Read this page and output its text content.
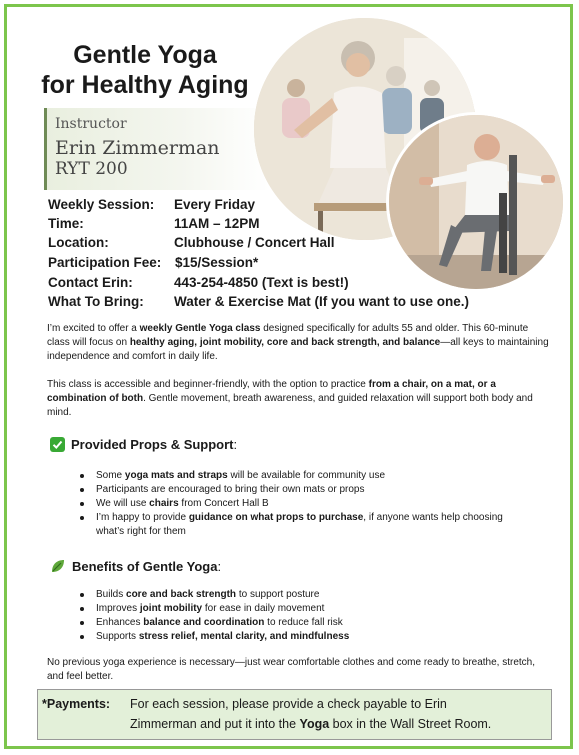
Gentle Yoga
for Healthy Aging
Instructor
Erin Zimmerman
RYT 200
Weekly Session: Every Friday
Time:	11AM – 12PM
Location:	Clubhouse / Concert Hall
Participation Fee: $15/Session*
Contact Erin:	443-254-4850 (Text is best!)
What To Bring: Water & Exercise Mat (If you want to use one.)
I’m excited to offer a weekly Gentle Yoga class designed specifically for adults 55 and older. This 60-minute class will focus on healthy aging, joint mobility, core and back strength, and balance—all keys to maintaining independence and comfort in daily life.
This class is accessible and beginner-friendly, with the option to practice from a chair, on a mat, or a combination of both. Gentle movement, breath awareness, and guided relaxation will support both body and mind.
Provided Props & Support:
Some yoga mats and straps will be available for community use
Participants are encouraged to bring their own mats or props
We will use chairs from Concert Hall B
I’m happy to provide guidance on what props to purchase, if anyone wants help choosing what’s right for them
Benefits of Gentle Yoga:
Builds core and back strength to support posture
Improves joint mobility for ease in daily movement
Enhances balance and coordination to reduce fall risk
Supports stress relief, mental clarity, and mindfulness
No previous yoga experience is necessary—just wear comfortable clothes and come ready to breathe, stretch, and feel better.
*Payments: For each session, please provide a check payable to Erin
Zimmerman and put it into the Yoga box in the Wall Street Room.
